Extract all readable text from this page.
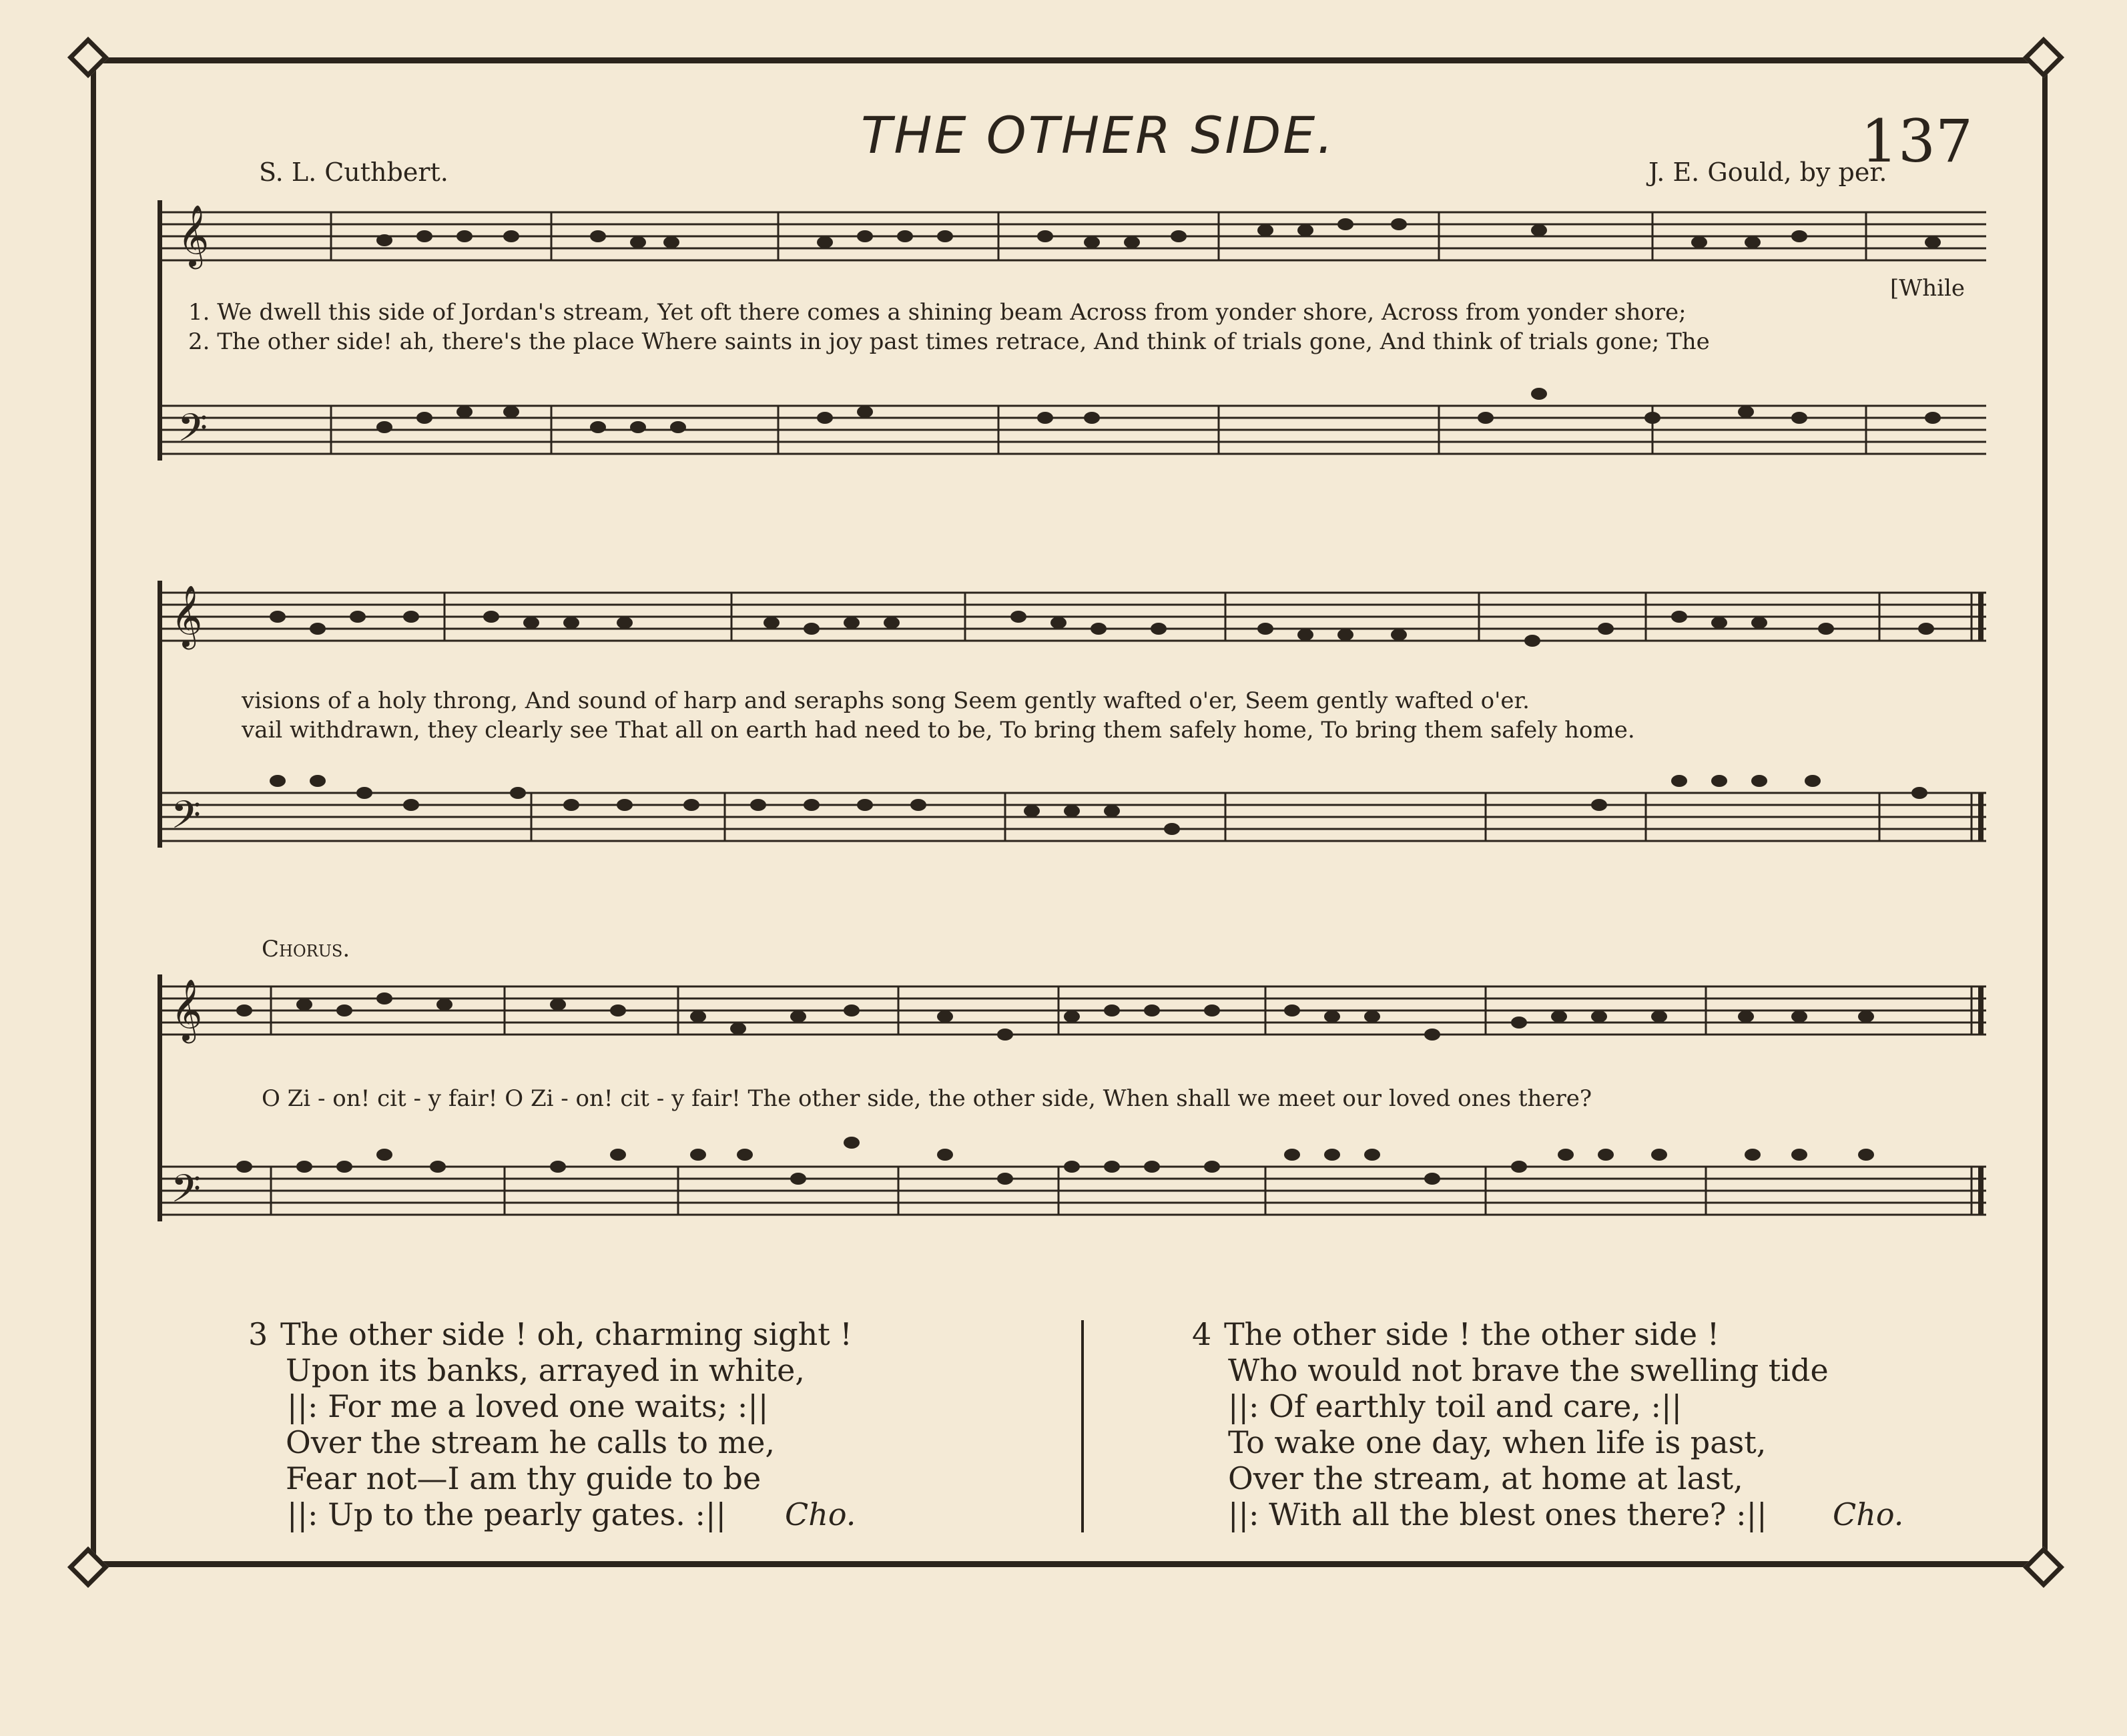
THE OTHER SIDE.	137
S. L. Cuthbert.	J. E. Gould, by per.
𝄞
𝄢
1. We dwell this side of Jordan's stream, Yet oft there comes a shining beam Across from yonder shore, Across from yonder shore;
[While
2. The other side! ah, there's the place Where saints in joy past times retrace, And think of trials gone, And think of trials gone; The
𝄞
𝄢
visions of a holy throng, And sound of harp and seraphs song Seem gently wafted o'er, Seem gently wafted o'er.
vail withdrawn, they clearly see That all on earth had need to be, To bring them safely home, To bring them safely home.
Chorus.
𝄞
𝄢
O Zi - on! cit - y fair! O Zi - on! cit - y fair! The other side, the other side, When shall we meet our loved ones there?
3 The other side ! oh, charming sight !
Upon its banks, arrayed in white,
||: For me a loved one waits; :||
Over the stream he calls to me,
Fear not—I am thy guide to be
||: Up to the pearly gates. :|| Cho.
4 The other side ! the other side !
Who would not brave the swelling tide
||: Of earthly toil and care, :||
To wake one day, when life is past,
Over the stream, at home at last,
||: With all the blest ones there? :|| Cho.
